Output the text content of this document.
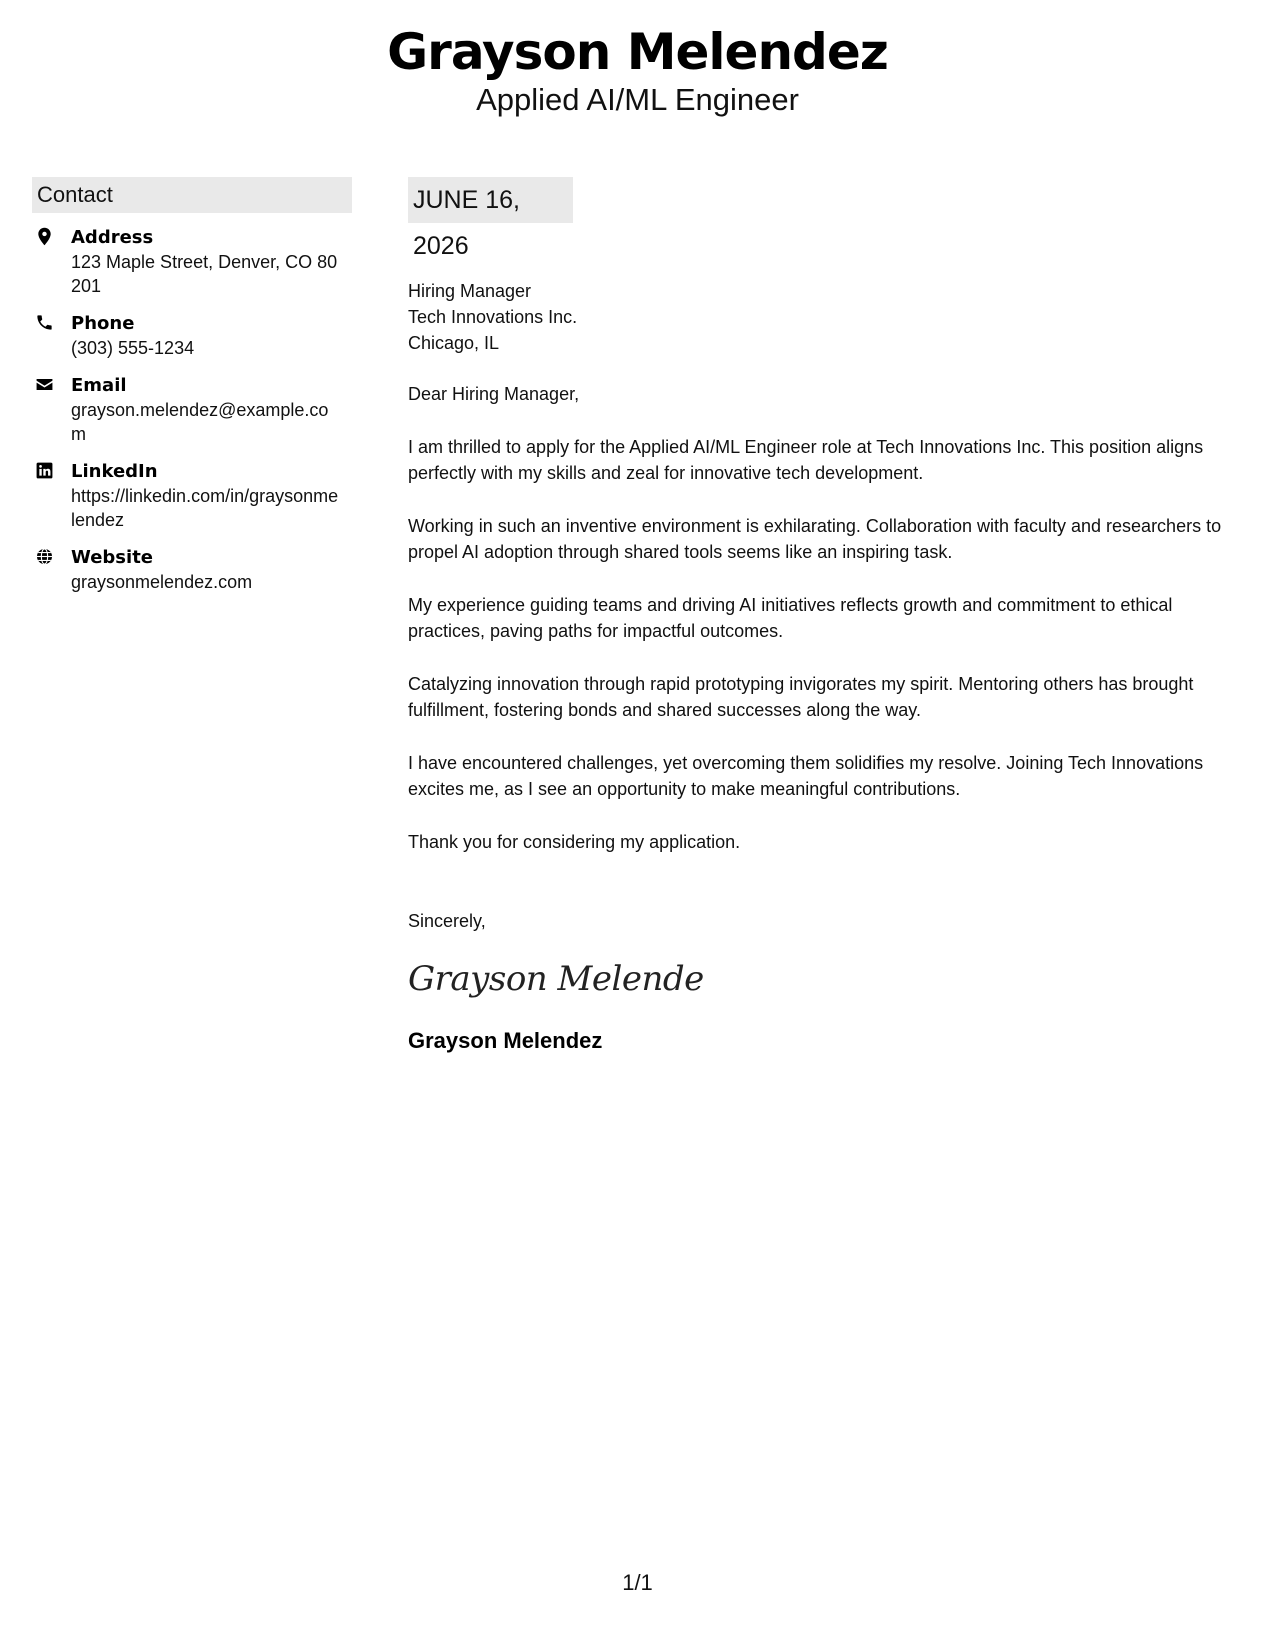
Grayson Melendez
Applied AI/ML Engineer
Contact
Address
123 Maple Street, Denver, CO 80201
Phone
(303) 555-1234
Email
grayson.melendez@example.com
LinkedIn
https://linkedin.com/in/graysonmelendez
Website
graysonmelendez.com
JUNE 16, 2026
Hiring Manager
Tech Innovations Inc.
Chicago, IL
Dear Hiring Manager,
I am thrilled to apply for the Applied AI/ML Engineer role at Tech Innovations Inc. This position aligns perfectly with my skills and zeal for innovative tech development.
Working in such an inventive environment is exhilarating. Collaboration with faculty and researchers to propel AI adoption through shared tools seems like an inspiring task.
My experience guiding teams and driving AI initiatives reflects growth and commitment to ethical practices, paving paths for impactful outcomes.
Catalyzing innovation through rapid prototyping invigorates my spirit. Mentoring others has brought fulfillment, fostering bonds and shared successes along the way.
I have encountered challenges, yet overcoming them solidifies my resolve. Joining Tech Innovations excites me, as I see an opportunity to make meaningful contributions.
Thank you for considering my application.
Sincerely,
Grayson Melende
Grayson Melendez
1/1
